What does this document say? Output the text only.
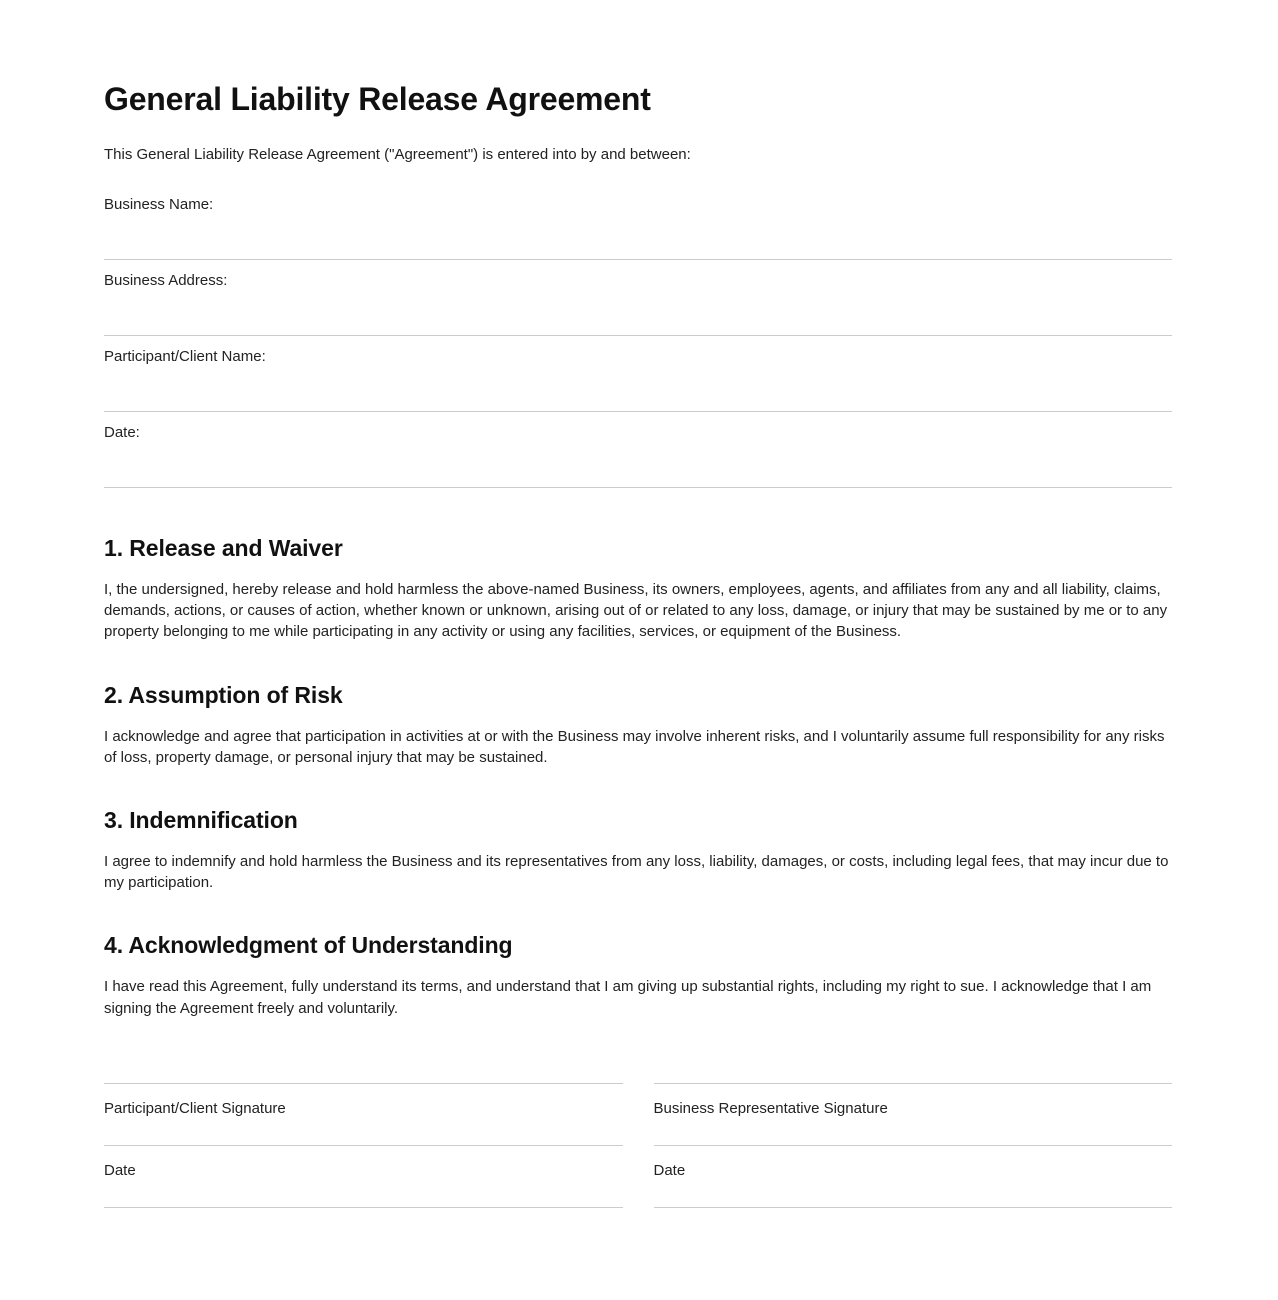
General Liability Release Agreement

This General Liability Release Agreement ("Agreement") is entered into by and between:

Business Name:
Business Address:
Participant/Client Name:
Date:
1. Release and Waiver

I, the undersigned, hereby release and hold harmless the above-named Business, its owners, employees, agents, and affiliates from any and all liability, claims, demands, actions, or causes of action, whether known or unknown, arising out of or related to any loss, damage, or injury that may be sustained by me or to any property belonging to me while participating in any activity or using any facilities, services, or equipment of the Business.

2. Assumption of Risk

I acknowledge and agree that participation in activities at or with the Business may involve inherent risks, and I voluntarily assume full responsibility for any risks of loss, property damage, or personal injury that may be sustained.

3. Indemnification

I agree to indemnify and hold harmless the Business and its representatives from any loss, liability, damages, or costs, including legal fees, that may incur due to my participation.

4. Acknowledgment of Understanding

I have read this Agreement, fully understand its terms, and understand that I am giving up substantial rights, including my right to sue. I acknowledge that I am signing the Agreement freely and voluntarily.

Participant/Client Signature
Date
Business Representative Signature
Date
